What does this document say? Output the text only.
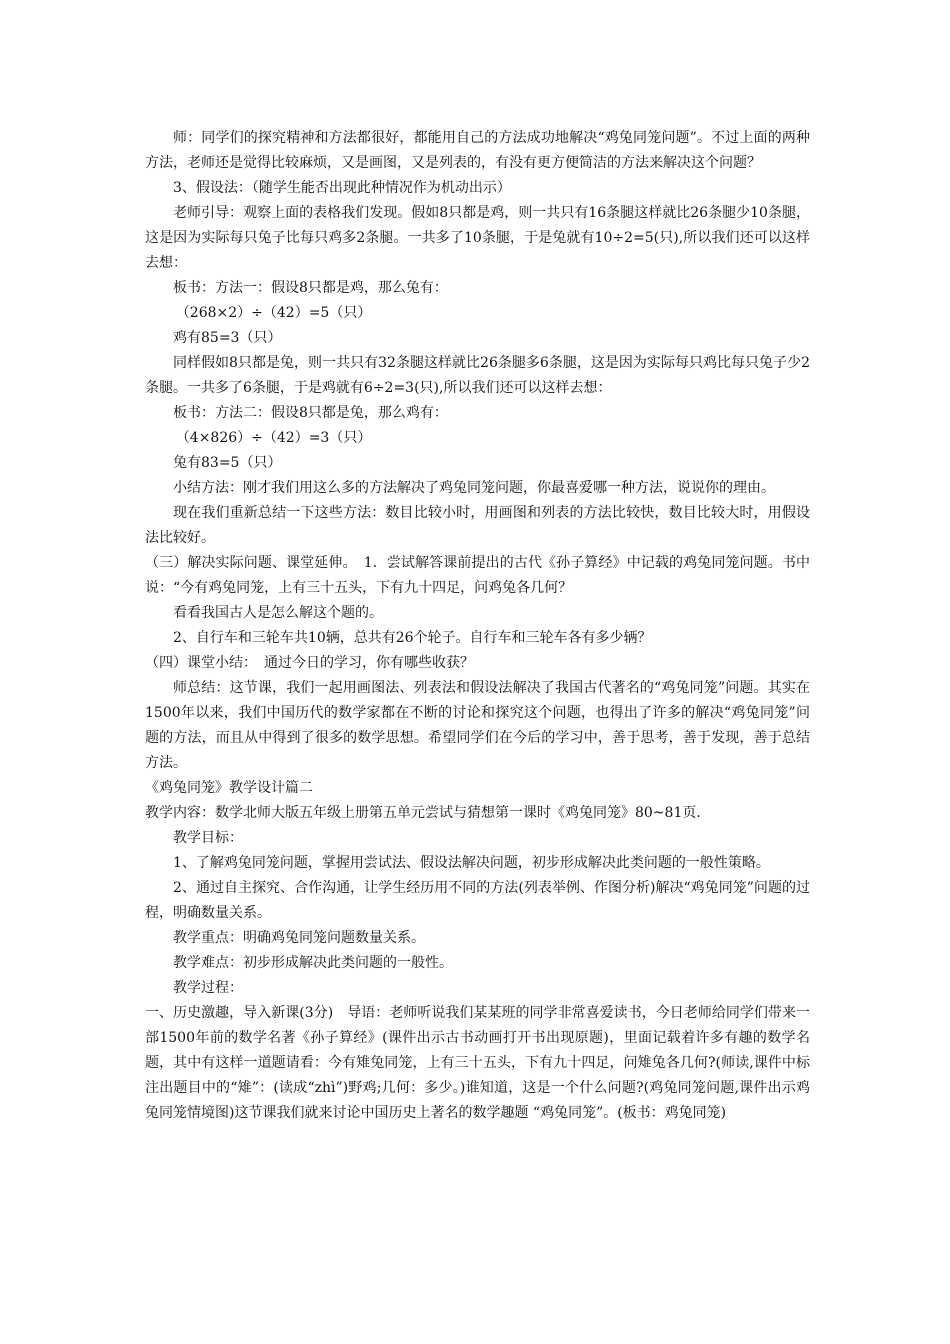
师：同学们的探究精神和方法都很好，都能用自己的方法成功地解决“鸡兔同笼问题”。不过上面的两种方法，老师还是觉得比较麻烦，又是画图，又是列表的，有没有更方便简洁的方法来解决这个问题？

3、假设法：（随学生能否出现此种情况作为机动出示）

老师引导：观察上面的表格我们发现。假如8只都是鸡，则一共只有16条腿这样就比26条腿少10条腿，这是因为实际每只兔子比每只鸡多2条腿。一共多了10条腿，于是兔就有10÷2=5(只),所以我们还可以这样去想：

板书：方法一：假设8只都是鸡，那么兔有：

（268×2）÷（42）=5（只）

鸡有85=3（只）

同样假如8只都是兔，则一共只有32条腿这样就比26条腿多6条腿，这是因为实际每只鸡比每只兔子少2条腿。一共多了6条腿，于是鸡就有6÷2=3(只),所以我们还可以这样去想：

板书：方法二：假设8只都是兔，那么鸡有：

（4×826）÷（42）=3（只）

兔有83=5（只）

小结方法：刚才我们用这么多的方法解决了鸡兔同笼问题，你最喜爱哪一种方法，说说你的理由。

现在我们重新总结一下这些方法：数目比较小时，用画图和列表的方法比较快，数目比较大时，用假设法比较好。

（三）解决实际问题、课堂延伸。　1．尝试解答课前提出的古代《孙子算经》中记载的鸡兔同笼问题。书中说：“今有鸡兔同笼，上有三十五头，下有九十四足，问鸡兔各几何？

看看我国古人是怎么解这个题的。

2、自行车和三轮车共10辆，总共有26个轮子。自行车和三轮车各有多少辆？

（四）课堂小结：　通过今日的学习，你有哪些收获？

师总结：这节课，我们一起用画图法、列表法和假设法解决了我国古代著名的“鸡兔同笼”问题。其实在1500年以来，我们中国历代的数学家都在不断的讨论和探究这个问题，也得出了许多的解决“鸡兔同笼”问题的方法，而且从中得到了很多的数学思想。希望同学们在今后的学习中，善于思考，善于发现，善于总结方法。

《鸡兔同笼》教学设计篇二

教学内容：数学北师大版五年级上册第五单元尝试与猜想第一课时《鸡兔同笼》80~81页.

教学目标：

1、了解鸡兔同笼问题，掌握用尝试法、假设法解决问题，初步形成解决此类问题的一般性策略。

2、通过自主探究、合作沟通，让学生经历用不同的方法(列表举例、作图分析)解决“鸡兔同笼”问题的过程，明确数量关系。

教学重点：明确鸡兔同笼问题数量关系。

教学难点：初步形成解决此类问题的一般性。

教学过程：

一、历史激趣，导入新课(3分)　导语：老师听说我们某某班的同学非常喜爱读书，今日老师给同学们带来一部1500年前的数学名著《孙子算经》(课件出示古书动画打开书出现原题)，里面记载着许多有趣的数学名题，其中有这样一道题请看：今有雉兔同笼，上有三十五头，下有九十四足，问雉兔各几何?(师读,课件中标注出题目中的“雉”：(读成“zhì”)野鸡;几何：多少。)谁知道，这是一个什么问题?(鸡兔同笼问题,课件出示鸡兔同笼情境图)这节课我们就来讨论中国历史上著名的数学趣题 “鸡兔同笼”。(板书：鸡兔同笼)
